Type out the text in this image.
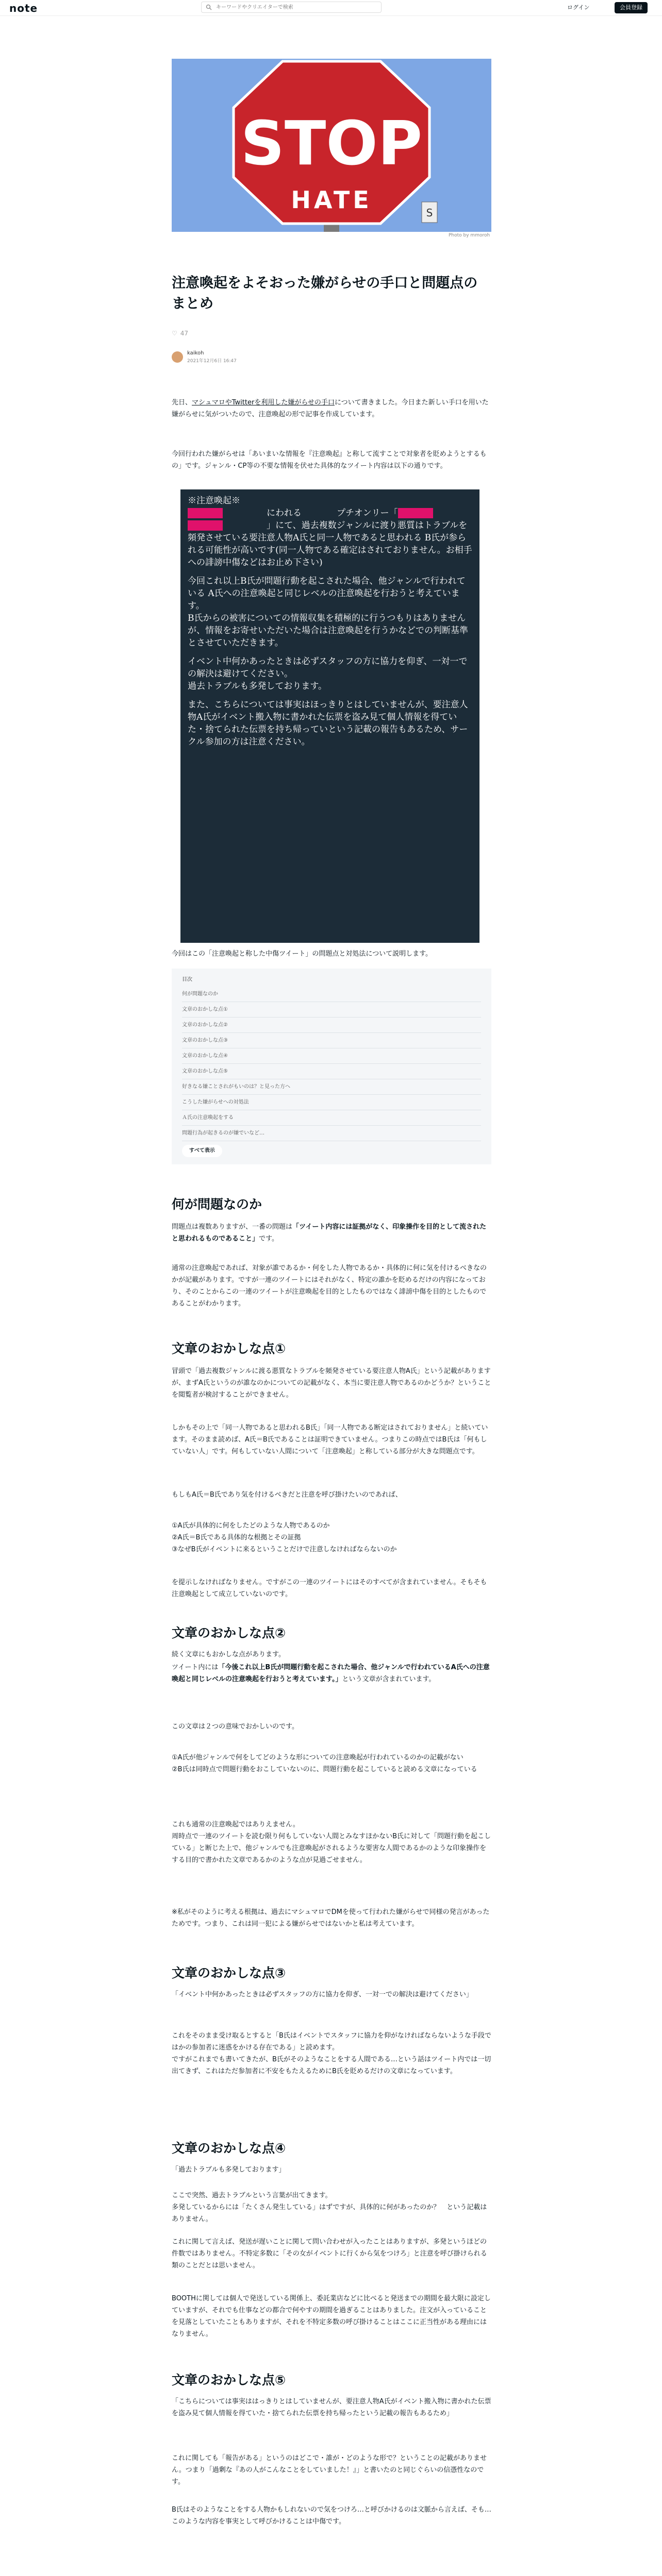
note
キーワードやクリエイターで検索	ログイン	会員登録
STOP
HATE	S
Photo by mmoroh
注意喚起をよそおった嫌がらせの手口と問題点のまとめ
♡ 47
kaikoh
2021年12月6日 16:47

先日、マシュマロやTwitterを利用した嫌がらせの手口について書きました。今日また新しい手口を用いた嫌がらせに気がついたので、注意喚起の形で記事を作成しています。

今回行われた嫌がらせは「あいまいな情報を『注意喚起』と称して流すことで対象者を貶めようとするもの」です。ジャンル・CP等の不要な情報を伏せた具体的なツイート内容は以下の通りです。

※注意喚起※
　　　　　　　　　にわれる　　　　プチオンリー「　　　　
　　　　　　　　　」にて、過去複数ジャンルに渡り悪質はトラブルを頻発させている要注意人物A氏と同一人物であると思われる B氏が参られる可能性が高いです(同一人物である確定はされておりません。お相手への誹謗中傷などはお止め下さい)
今回これ以上B氏が問題行動を起こされた場合、他ジャンルで行われている A氏への注意喚起と同じレベルの注意喚起を行おうと考えています。
B氏からの被害についての情報収集を積極的に行うつもりはありませんが、情報をお寄せいただいた場合は注意喚起を行うかなどでの判断基準とさせていただきます。
イベント中何かあったときは必ずスタッフの方に協力を仰ぎ、一対一での解決は避けてください。
過去トラブルも多発しております。
また、こちらについては事実はほっきりとはしていませんが、要注意人物A氏がイベント搬入物に書かれた伝票を盗み見て個人情報を得ていた・捨てられた伝票を持ち帰っていという記載の報告もあるため、サークル参加の方は注意ください。

今回はこの「注意喚起と称した中傷ツイート」の問題点と対処法について説明します。

目次
何が問題なのか
文章のおかしな点①
文章のおかしな点②
文章のおかしな点③
文章のおかしな点④
文章のおかしな点⑤
好きなる嫌ことされがもいのは？と見った方へ
こうした嫌がらせへの対処法
Ａ氏の注意喚起をする
問題行為が起きるのが嫌でいなど…
すべて表示
何が問題なのか

問題点は複数ありますが、一番の問題は「ツイート内容には証拠がなく、印象操作を目的として流されたと思われるものであること」です。

通常の注意喚起であれば、対象が誰であるか・何をした人物であるか・具体的に何に気を付けるべきなのかが記載があります。ですが一連のツイートにはそれがなく、特定の誰かを貶めるだけの内容になっており、そのことからこの一連のツイートが注意喚起を目的としたものではなく誹謗中傷を目的としたものであることがわかります。

文章のおかしな点①

冒頭で「過去複数ジャンルに渡る悪質なトラブルを頻発させている要注意人物A氏」という記載がありますが、まずA氏というのが誰なのかについての記載がなく、本当に要注意人物であるのかどうか？ということを閲覧者が検討することができません。

しかもその上で「同一人物であると思われるB氏」「同一人物である断定はされておりません」と続いています。そのまま読めば、A氏＝B氏であることは証明できていません。つまりこの時点ではB氏は「何もしていない人」です。何もしていない人間について「注意喚起」と称している部分が大きな問題点です。

もしもA氏＝B氏であり気を付けるべきだと注意を呼び掛けたいのであれば、

①A氏が具体的に何をしたどのような人物であるのか
②A氏＝B氏である具体的な根拠とその証拠
③なぜB氏がイベントに来るということだけで注意しなければならないのか

を提示しなければなりません。ですがこの一連のツイートにはそのすべてが含まれていません。そもそも注意喚起として成立していないのです。

文章のおかしな点②

続く文章にもおかしな点があります。

ツイート内には「今後これ以上B氏が問題行動を起こされた場合、他ジャンルで行われているA氏への注意喚起と同じレベルの注意喚起を行おうと考えています。」という文章が含まれています。

この文章は２つの意味でおかしいのです。

①A氏が他ジャンルで何をしてどのような形についての注意喚起が行われているのかの記載がない
②B氏は同時点で問題行動をおこしていないのに、問題行動を起こしていると読める文章になっている

これも通常の注意喚起ではありえません。
周時点で一連のツイートを読む限り何もしていない人間とみなすほかないB氏に対して「問題行動を起こしている」と断じた上で、他ジャンルでも注意喚起がされるような要害な人間であるかのような印象操作をする目的で書かれた文章であるかのような点が見過ごせません。

※私がそのように考える根拠は、過去にマシュマロでDMを使って行われた嫌がらせで同様の発言があったためです。つまり、これは同一犯による嫌がらせではないかと私は考えています。

文章のおかしな点③

「イベント中何かあったときは必ずスタッフの方に協力を仰ぎ、一対一での解決は避けてください」

これをそのまま受け取るとすると「B氏はイベントでスタッフに協力を仰がなければならないような手段ではかの参加者に迷惑をかける存在である」と読めます。
ですがこれまでも書いてきたが、B氏がそのようなことをする人間である…という話はツイート内では一切出てきず、これはただ参加者に不安をもたえるためにB氏を貶めるだけの文章になっています。

文章のおかしな点④

「過去トラブルも多発しております」

ここで突然、過去トラブルという言葉が出てきます。
多発しているからには「たくさん発生している」はずですが、具体的に何があったのか？　という記載はありません。

これに関して言えば、発送が遅いことに関して問い合わせが入ったことはありますが、多発というほどの件数ではありません。不特定多数に「その女がイベントに行くから気をつけろ」と注意を呼び掛けられる類のことだとは思いません。

BOOTHに関しては個人で発送している関係上、委託業店などに比べると発送までの期間を最大限に設定していますが、それでも仕事などの都合で何やすの期間を過ぎることはありました。注文が入っていることを見落としていたこともありますが、それを不特定多数の呼び掛けることはここに正当性がある理由にはなりません。

文章のおかしな点⑤

「こちらについては事実ははっきりとはしていませんが、要注意人物A氏がイベント搬入物に書かれた伝票を盗み見て個人情報を得ていた・捨てられた伝票を持ち帰ったという記載の報告もあるため」

これに関しても「報告がある」というのはどこで・誰が・どのような形で？ということの記載がありません。つまり「過剰な『あの人がこんなことをしていました！』」と書いたのと同じぐらいの信憑性なのです。

B氏はそのようなことをする人物かもしれないので気をつけろ…と呼びかけるのは文脈から言えば、そも…このような内容を事実として呼びかけることは中傷です。
